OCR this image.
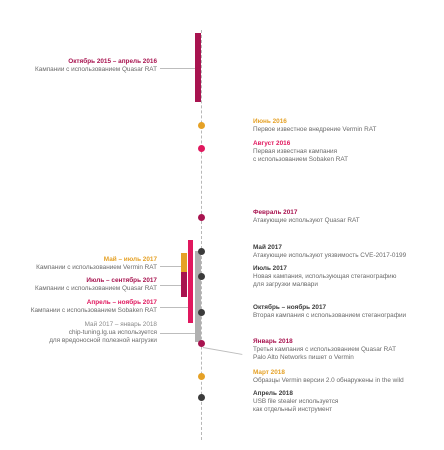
Октябрь 2015 – апрель 2016
Кампании с использованием Quasar RAT
Май – июль 2017
Кампании с использованием Vermin RAT
Июль – сентябрь 2017
Кампании с использованием Quasar RAT
Апрель – ноябрь 2017
Кампании с использованием Sobaken RAT
Май 2017 – январь 2018
chip-tuning.lg.ua используется
для вредоносной полезной нагрузки
Июнь 2016
Первое известное внедрение Vermin RAT
Август 2016
Первая известная кампания
с использованием Sobaken RAT
Февраль 2017
Атакующие используют Quasar RAT
Май 2017
Атакующие используют уязвимость CVE-2017-0199
Июль 2017
Новая кампания, использующая стеганографию
для загрузки малвари
Октябрь – ноябрь 2017
Вторая кампания с использованием стеганографии
Январь 2018
Третья кампания с использованием Quasar RAT
Palo Alto Networks пишет о Vermin
Март 2018
Образцы Vermin версии 2.0 обнаружены in the wild
Апрель 2018
USB file stealer используется
как отдельный инструмент
